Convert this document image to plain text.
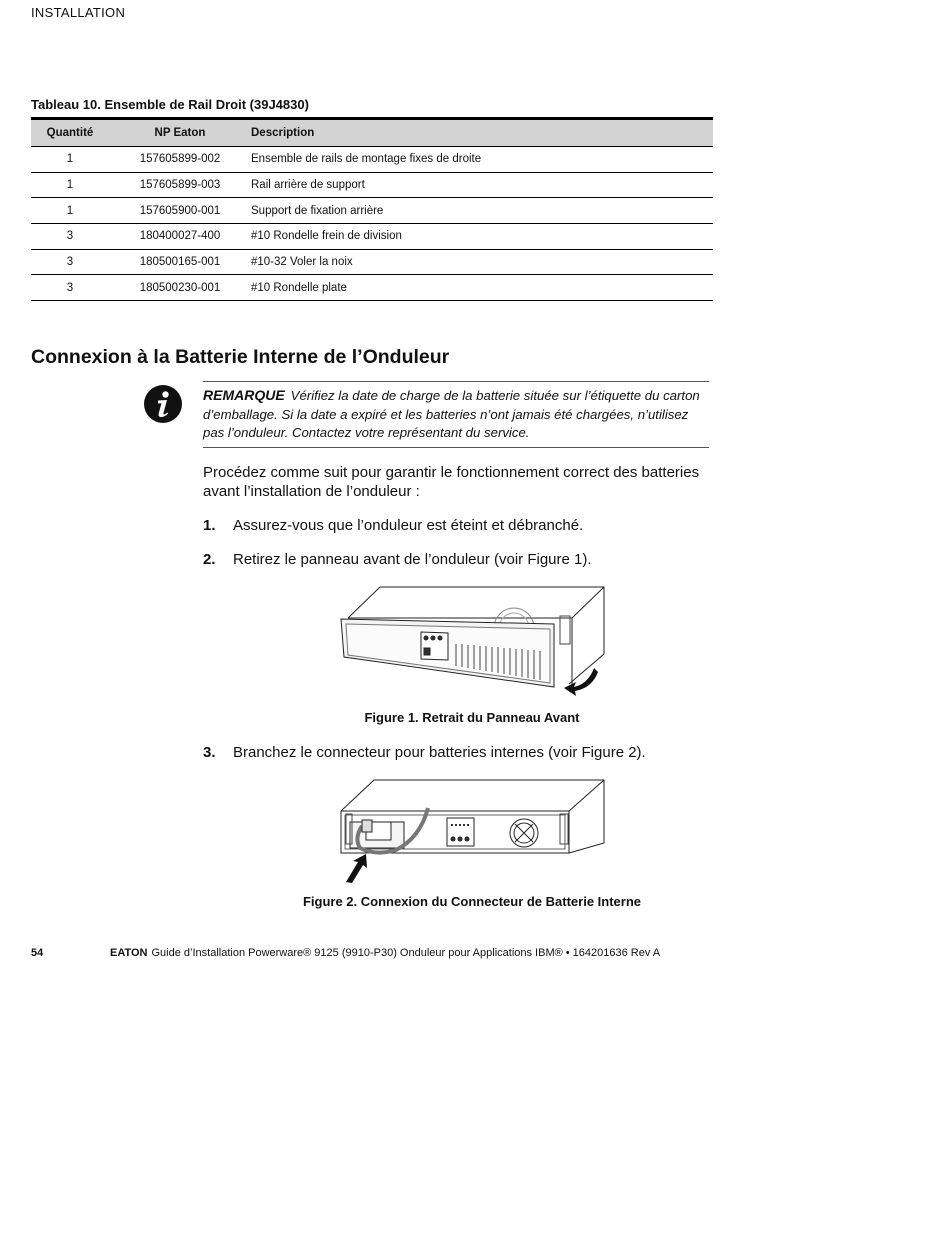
INSTALLATION
Tableau 10. Ensemble de Rail Droit (39J4830)
Quantité	NP Eaton	Description
1	157605899-002	Ensemble de rails de montage fixes de droite
1	157605899-003	Rail arrière de support
1	157605900-001	Support de fixation arrière
3	180400027-400	#10 Rondelle frein de division
3	180500165-001	#10-32 Voler la noix
3	180500230-001	#10 Rondelle plate
Connexion à la Batterie Interne de l’Onduleur
REMARQUE Vérifiez la date de charge de la batterie située sur l’étiquette du carton d’emballage. Si la date a expiré et les batteries n’ont jamais été chargées, n’utilisez pas l’onduleur. Contactez votre représentant du service.
Procédez comme suit pour garantir le fonctionnement correct des batteries avant l’installation de l’onduleur :
1. Assurez-vous que l’onduleur est éteint et débranché.
2. Retirez le panneau avant de l’onduleur (voir Figure 1).
Figure 1. Retrait du Panneau Avant
3. Branchez le connecteur pour batteries internes (voir Figure 2).
Figure 2. Connexion du Connecteur de Batterie Interne
54	EATON Guide d’Installation Powerware® 9125 (9910-P30) Onduleur pour Applications IBM® • 164201636 Rev A
